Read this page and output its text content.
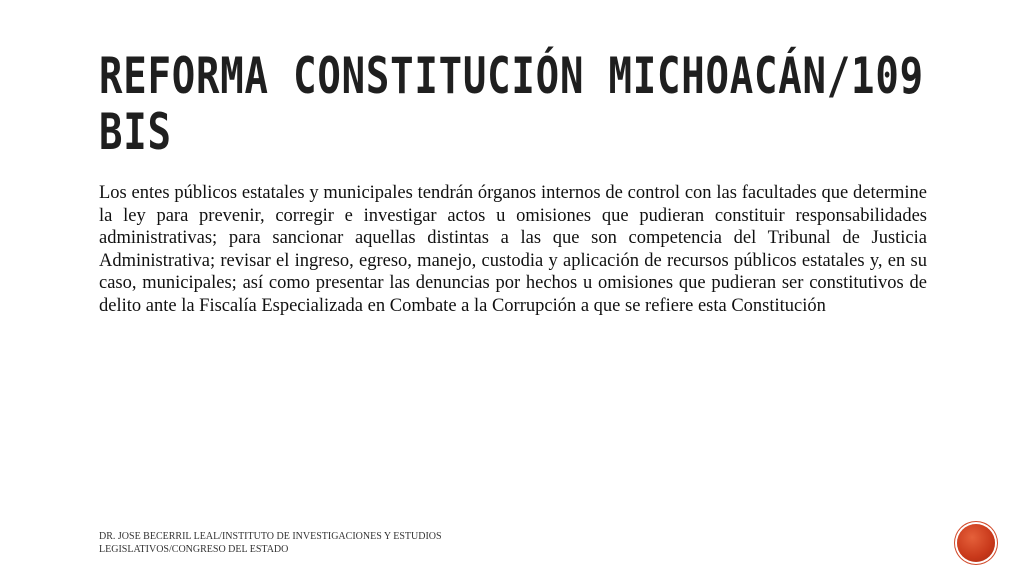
REFORMA CONSTITUCIÓN MICHOACÁN/109 BIS

Los entes públicos estatales y municipales tendrán órganos internos de control con las facultades que determine la ley para prevenir, corregir e investigar actos u omisiones que pudieran constituir responsabilidades administrativas; para sancionar aquellas distintas a las que son competencia del Tribunal de Justicia Administrativa; revisar el ingreso, egreso, manejo, custodia y aplicación de recursos públicos estatales y, en su caso, municipales; así como presentar las denuncias por hechos u omisiones que pudieran ser constitutivos de delito ante la Fiscalía Especializada en Combate a la Corrupción a que se refiere esta Constitución

DR. JOSE BECERRIL LEAL/INSTITUTO DE INVESTIGACIONES Y ESTUDIOS LEGISLATIVOS/CONGRESO DEL ESTADO
